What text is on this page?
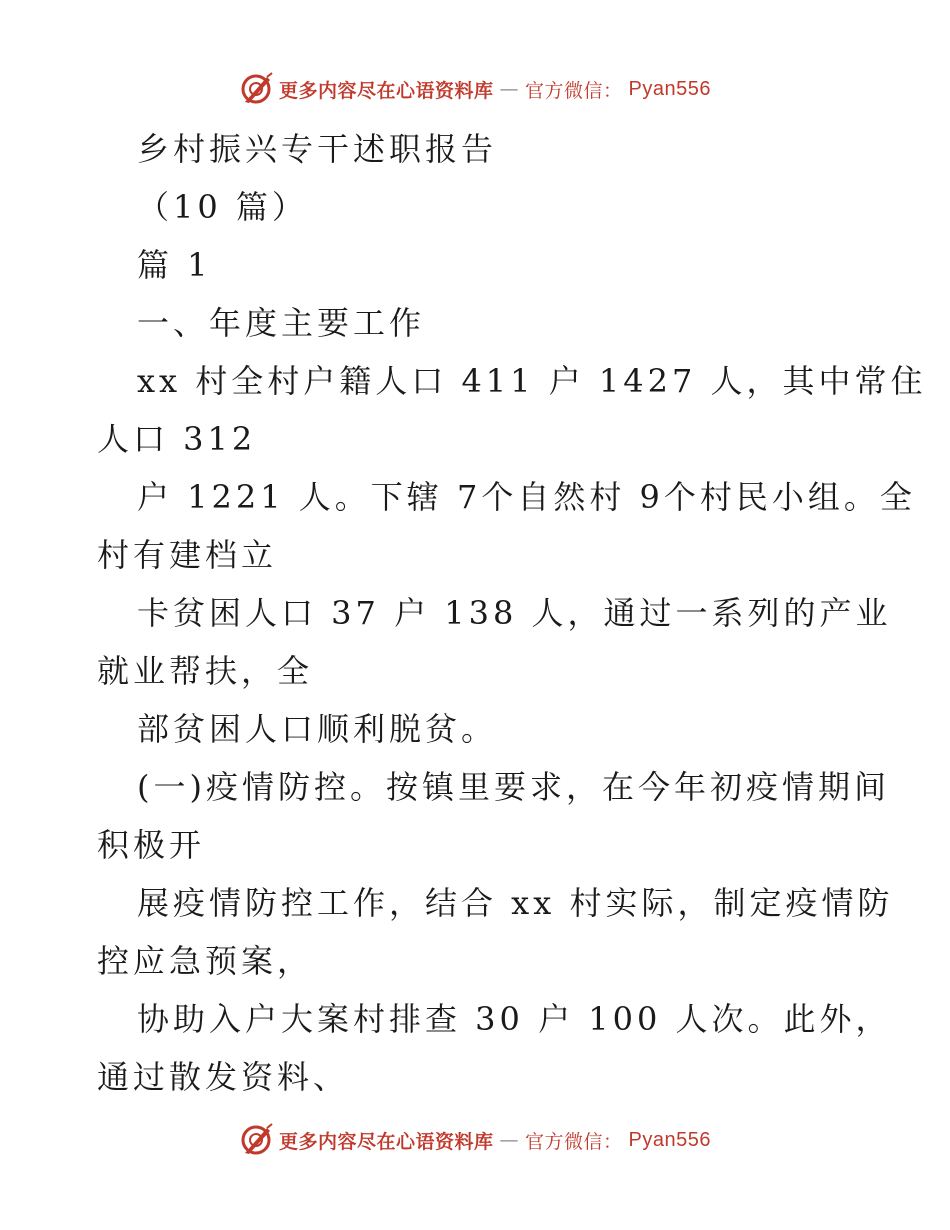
更多内容尽在心语资料库 — 官方微信： Pyan556
乡村振兴专干述职报告
（10 篇）
篇 1
一、年度主要工作
xx 村全村户籍人口 411 户 1427 人，其中常住
人口 312
户 1221 人。下辖 7个自然村 9个村民小组。全
村有建档立
卡贫困人口 37 户 138 人，通过一系列的产业
就业帮扶，全
部贫困人口顺利脱贫。
(一)疫情防控。按镇里要求，在今年初疫情期间
积极开
展疫情防控工作，结合 xx 村实际，制定疫情防
控应急预案，
协助入户大案村排查 30 户 100 人次。此外，
通过散发资料、
更多内容尽在心语资料库 — 官方微信： Pyan556
